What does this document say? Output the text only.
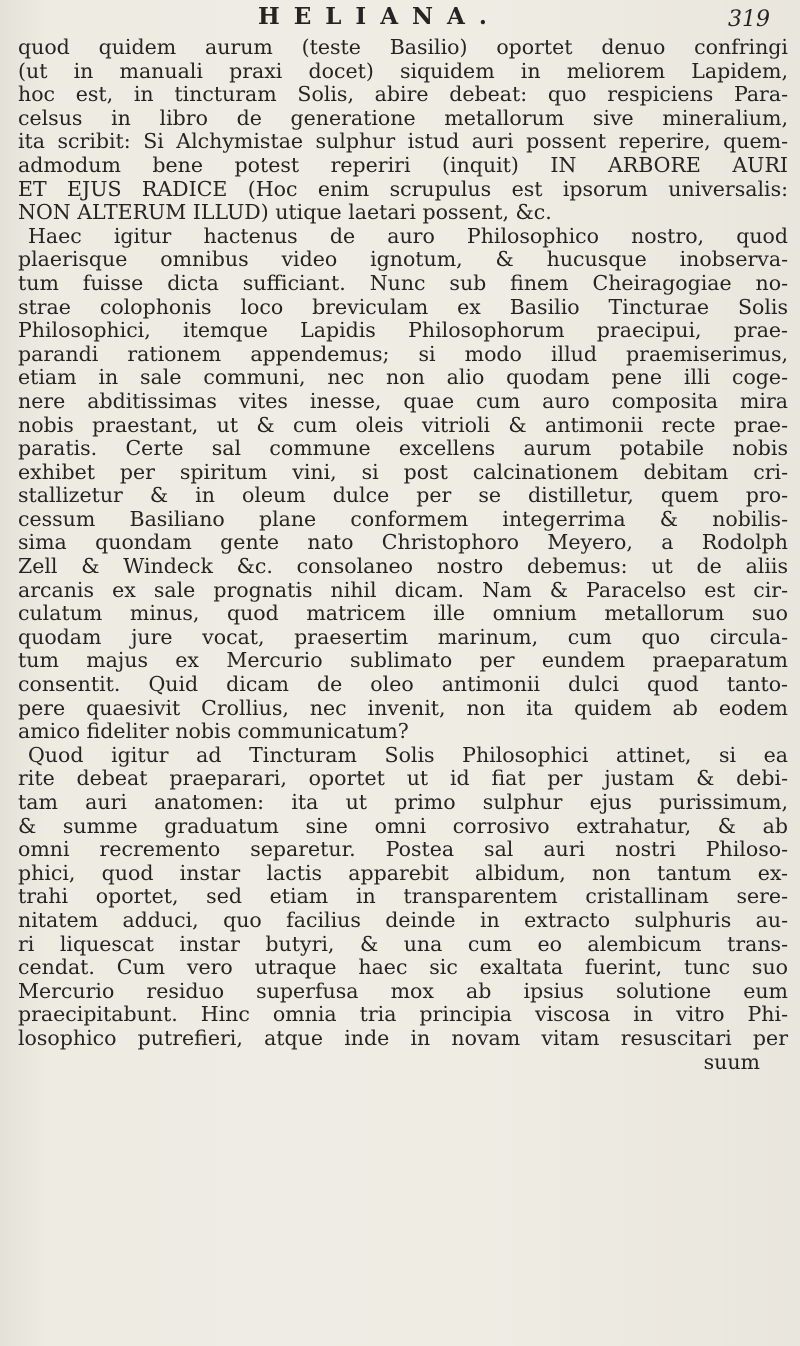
HELIANA.	319
quod quidem aurum (teste Basilio) oportet denuo confringi
(ut in manuali praxi docet) siquidem in meliorem Lapidem,
hoc est, in tincturam Solis, abire debeat: quo respiciens Para-
celsus in libro de generatione metallorum sive mineralium,
ita scribit: Si Alchymistae sulphur istud auri possent reperire, quem-
admodum bene potest reperiri (inquit) IN ARBORE AURI
ET EJUS RADICE (Hoc enim scrupulus est ipsorum universalis:
NON ALTERUM ILLUD) utique laetari possent, &c.
Haec igitur hactenus de auro Philosophico nostro, quod
plaerisque omnibus video ignotum, & hucusque inobserva-
tum fuisse dicta sufficiant. Nunc sub finem Cheiragogiae no-
strae colophonis loco breviculam ex Basilio Tincturae Solis
Philosophici, itemque Lapidis Philosophorum praecipui, prae-
parandi rationem appendemus; si modo illud praemiserimus,
etiam in sale communi, nec non alio quodam pene illi coge-
nere abditissimas vites inesse, quae cum auro composita mira
nobis praestant, ut & cum oleis vitrioli & antimonii recte prae-
paratis. Certe sal commune excellens aurum potabile nobis
exhibet per spiritum vini, si post calcinationem debitam cri-
stallizetur & in oleum dulce per se distilletur, quem pro-
cessum Basiliano plane conformem integerrima & nobilis-
sima quondam gente nato Christophoro Meyero, a Rodolph
Zell & Windeck &c. consolaneo nostro debemus: ut de aliis
arcanis ex sale prognatis nihil dicam. Nam & Paracelso est cir-
culatum minus, quod matricem ille omnium metallorum suo
quodam jure vocat, praesertim marinum, cum quo circula-
tum majus ex Mercurio sublimato per eundem praeparatum
consentit. Quid dicam de oleo antimonii dulci quod tanto-
pere quaesivit Crollius, nec invenit, non ita quidem ab eodem
amico fideliter nobis communicatum?
Quod igitur ad Tincturam Solis Philosophici attinet, si ea
rite debeat praeparari, oportet ut id fiat per justam & debi-
tam auri anatomen: ita ut primo sulphur ejus purissimum,
& summe graduatum sine omni corrosivo extrahatur, & ab
omni recremento separetur. Postea sal auri nostri Philoso-
phici, quod instar lactis apparebit albidum, non tantum ex-
trahi oportet, sed etiam in transparentem cristallinam sere-
nitatem adduci, quo facilius deinde in extracto sulphuris au-
ri liquescat instar butyri, & una cum eo alembicum trans-
cendat. Cum vero utraque haec sic exaltata fuerint, tunc suo
Mercurio residuo superfusa mox ab ipsius solutione eum
praecipitabunt. Hinc omnia tria principia viscosa in vitro Phi-
losophico putrefieri, atque inde in novam vitam resuscitari per
suum
